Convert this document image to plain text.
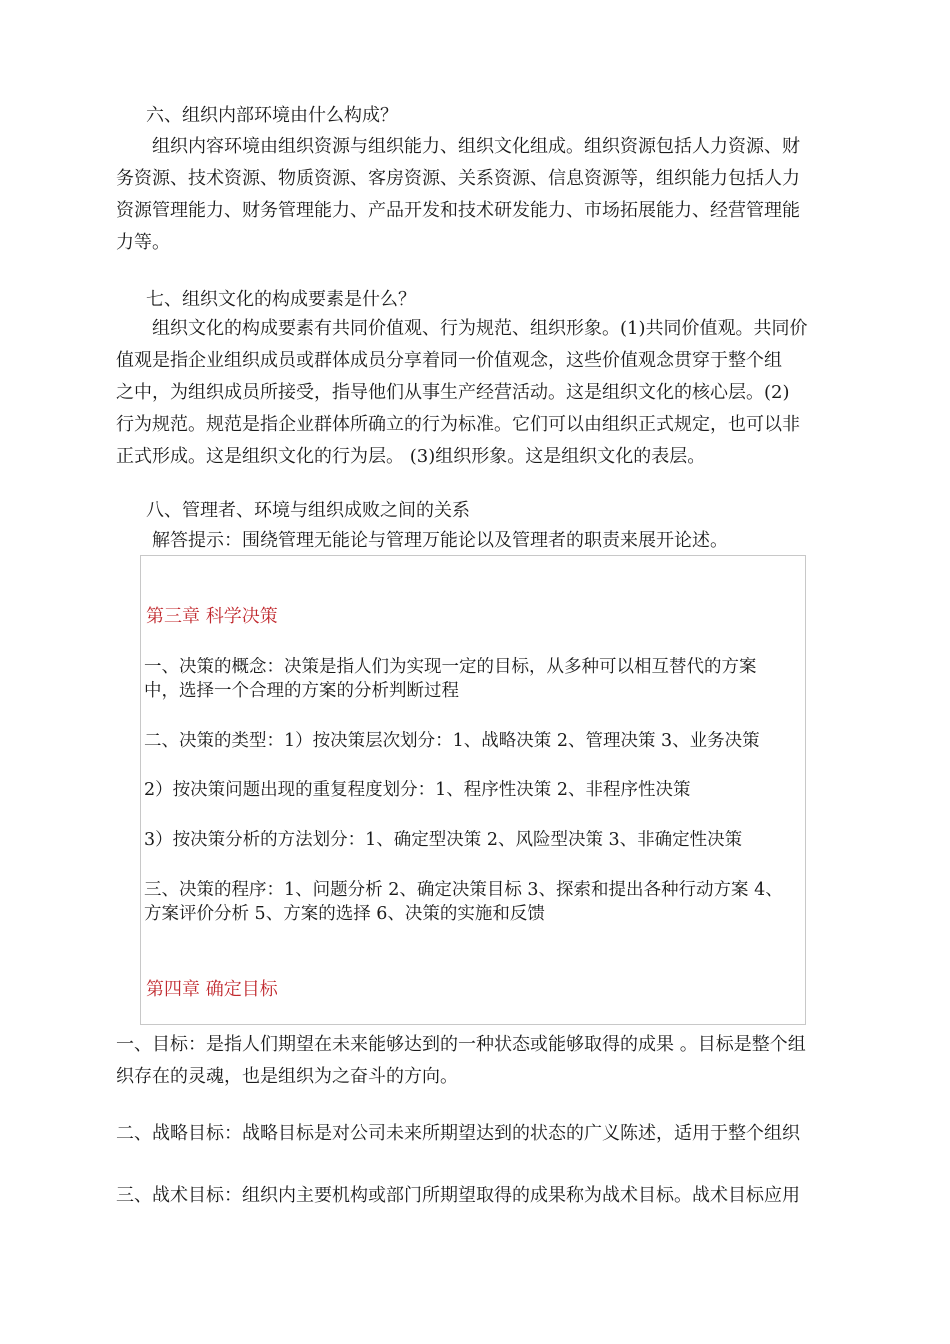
六、组织内部环境由什么构成？
组织内容环境由组织资源与组织能力、组织文化组成。组织资源包括人力资源、财
务资源、技术资源、物质资源、客房资源、关系资源、信息资源等，组织能力包括人力
资源管理能力、财务管理能力、产品开发和技术研发能力、市场拓展能力、经营管理能
力等。
七、组织文化的构成要素是什么？
组织文化的构成要素有共同价值观、行为规范、组织形象。(1)共同价值观。共同价
值观是指企业组织成员或群体成员分享着同一价值观念，这些价值观念贯穿于整个组
之中，为组织成员所接受，指导他们从事生产经营活动。这是组织文化的核心层。(2)
行为规范。规范是指企业群体所确立的行为标准。它们可以由组织正式规定，也可以非
正式形成。这是组织文化的行为层。 (3)组织形象。这是组织文化的表层。
八、管理者、环境与组织成败之间的关系
解答提示：围绕管理无能论与管理万能论以及管理者的职责来展开论述。
第三章 科学决策
一、决策的概念：决策是指人们为实现一定的目标，从多种可以相互替代的方案
中，选择一个合理的方案的分析判断过程
二、决策的类型：1）按决策层次划分：1、战略决策 2、管理决策 3、业务决策
2）按决策问题出现的重复程度划分：1、程序性决策 2、非程序性决策
3）按决策分析的方法划分：1、确定型决策 2、风险型决策 3、非确定性决策
三、决策的程序：1、问题分析 2、确定决策目标 3、探索和提出各种行动方案 4、
方案评价分析 5、方案的选择 6、决策的实施和反馈
第四章 确定目标
一、目标：是指人们期望在未来能够达到的一种状态或能够取得的成果 。目标是整个组
织存在的灵魂，也是组织为之奋斗的方向。
二、战略目标：战略目标是对公司未来所期望达到的状态的广义陈述，适用于整个组织
三、战术目标：组织内主要机构或部门所期望取得的成果称为战术目标。战术目标应用
